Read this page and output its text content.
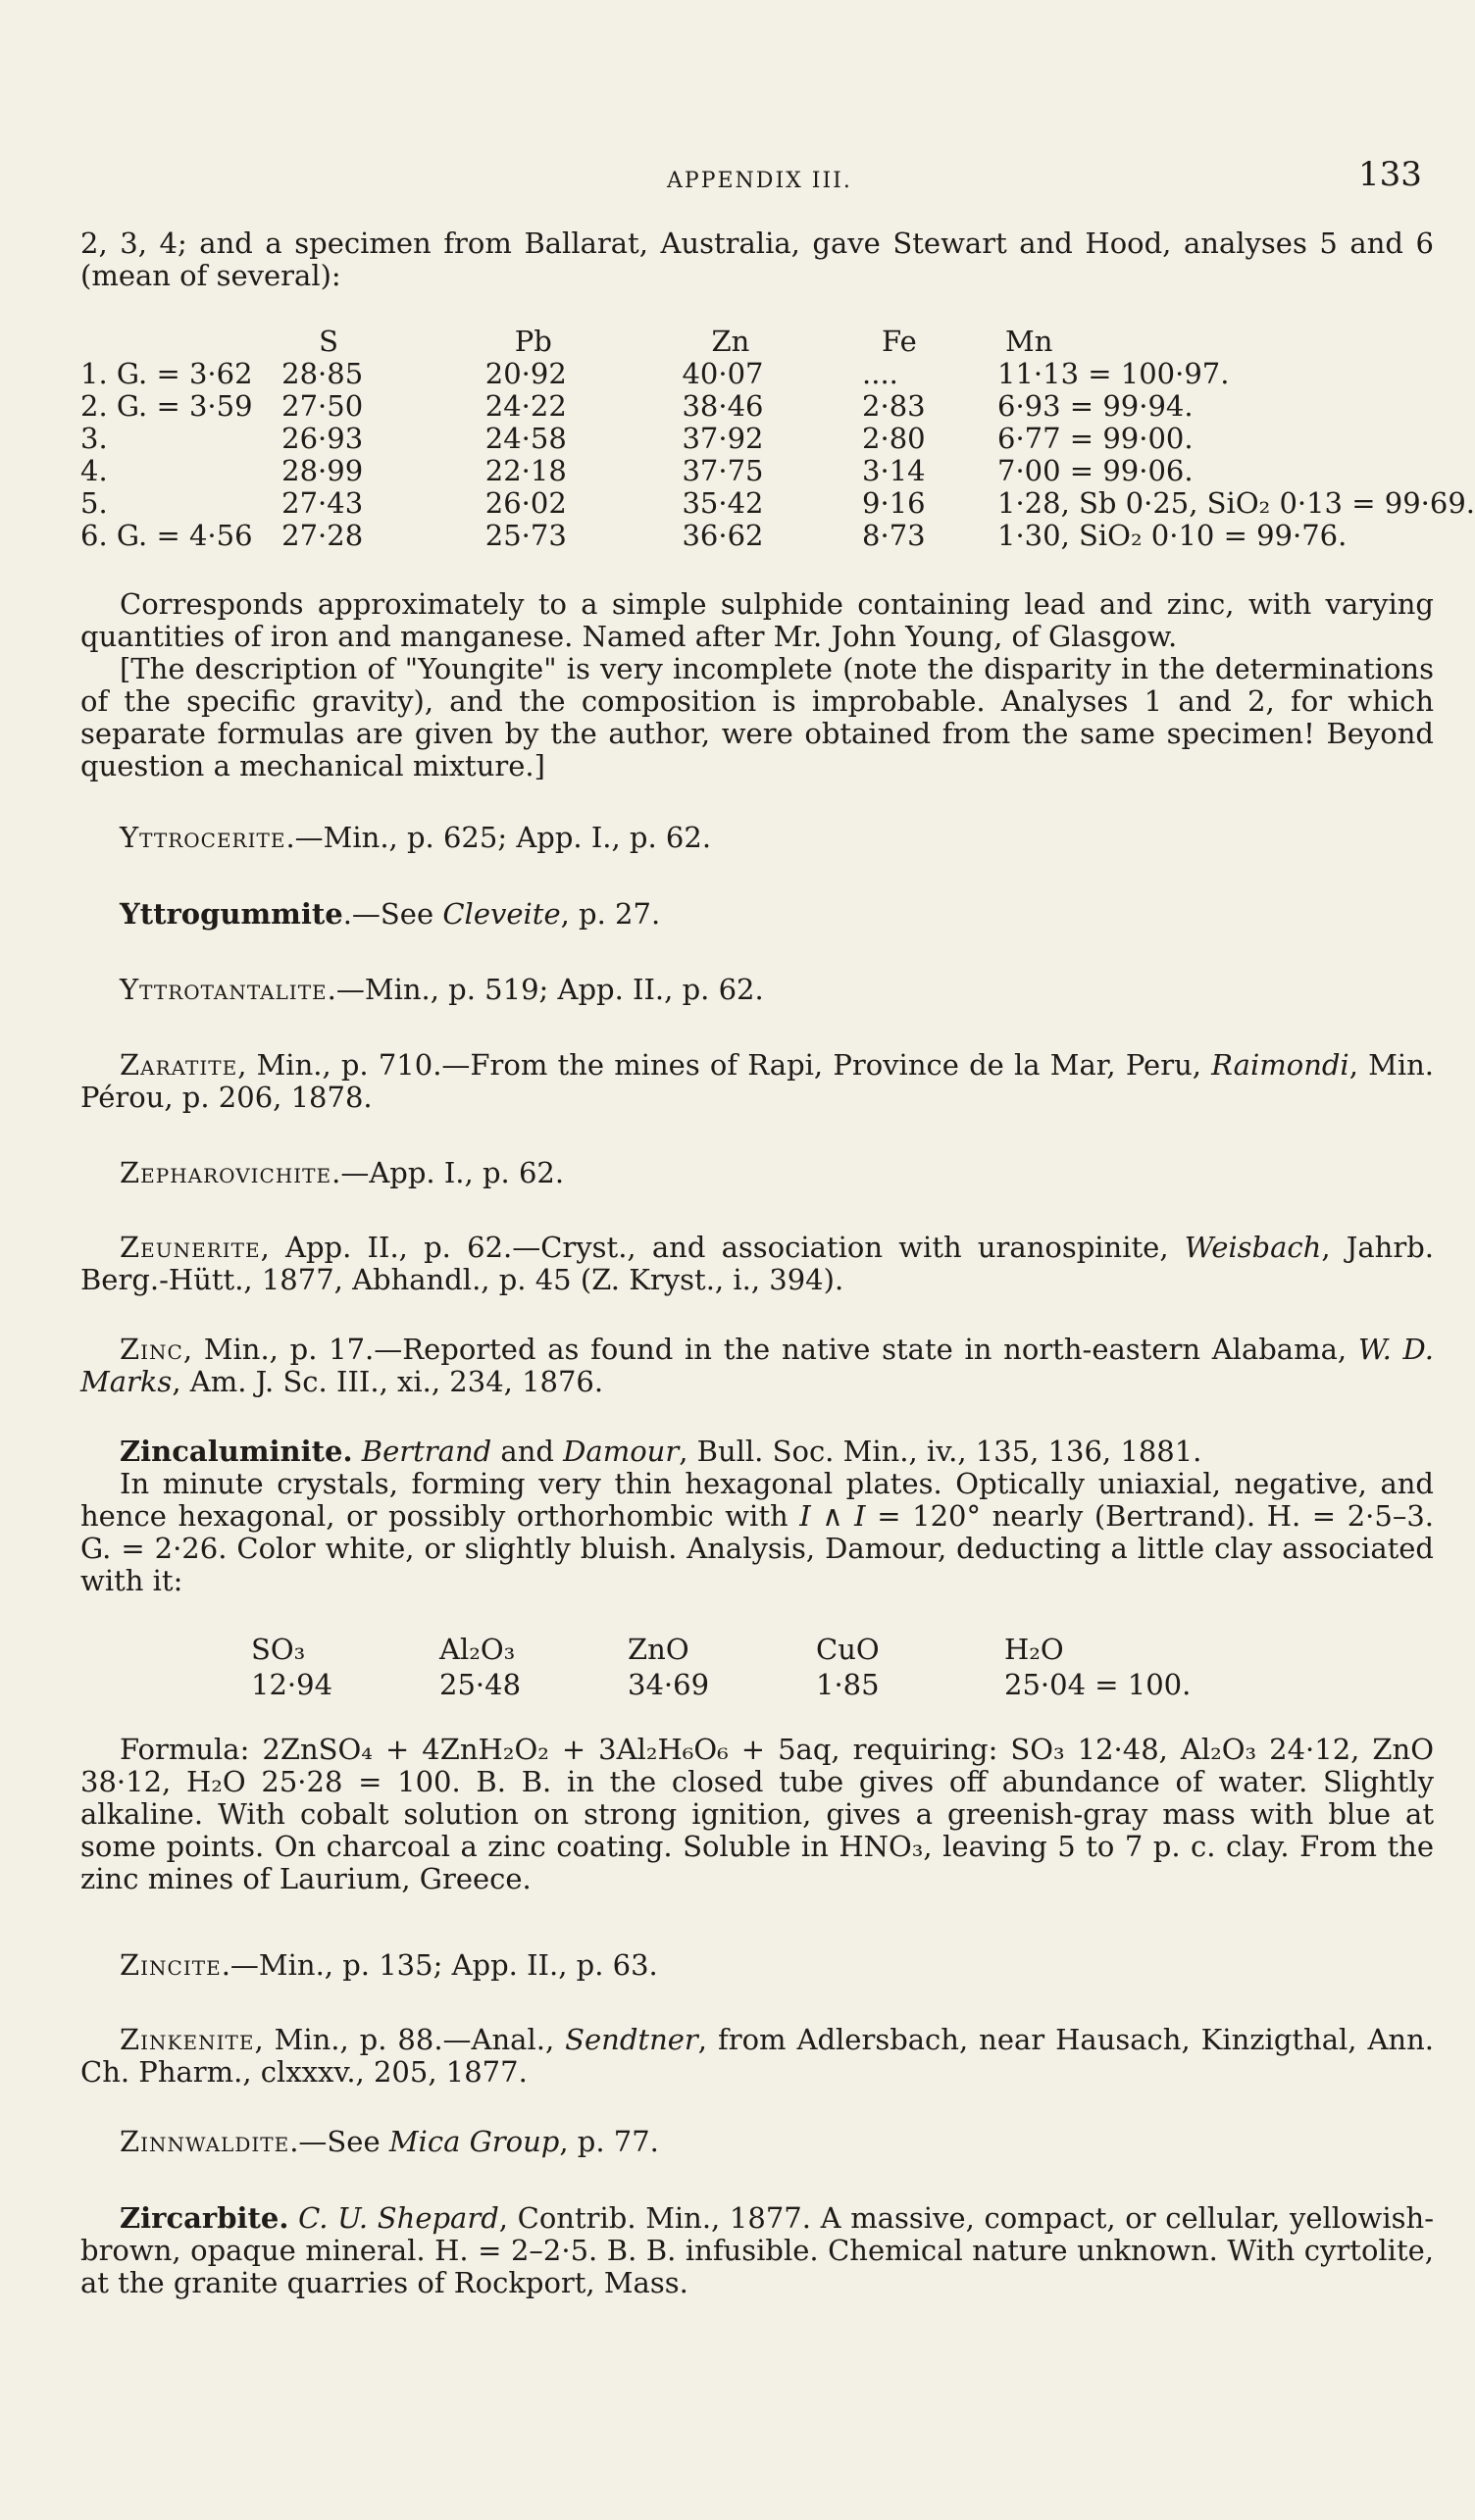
APPENDIX III.	133

2, 3, 4; and a specimen from Ballarat, Australia, gave Stewart and Hood, analyses 5 and 6 (mean of several):

	S	Pb	Zn	Fe	Mn
1. G. = 3·62	28·85	20·92	40·07	....	11·13 = 100·97.
2. G. = 3·59	27·50	24·22	38·46	2·83	6·93 = 99·94.
3.	26·93	24·58	37·92	2·80	6·77 = 99·00.
4.	28·99	22·18	37·75	3·14	7·00 = 99·06.
5.	27·43	26·02	35·42	9·16	1·28, Sb 0·25, SiO₂ 0·13 = 99·69.
6. G. = 4·56	27·28	25·73	36·62	8·73	1·30, SiO₂ 0·10 = 99·76.

Corresponds approximately to a simple sulphide containing lead and zinc, with varying quantities of iron and manganese. Named after Mr. John Young, of Glasgow.

[The description of "Youngite" is very incomplete (note the disparity in the determinations of the specific gravity), and the composition is improbable. Analyses 1 and 2, for which separate formulas are given by the author, were obtained from the same specimen! Beyond question a mechanical mixture.]

Yttrocerite.—Min., p. 625; App. I., p. 62.

Yttrogummite.—See Cleveite, p. 27.

Yttrotantalite.—Min., p. 519; App. II., p. 62.

Zaratite, Min., p. 710.—From the mines of Rapi, Province de la Mar, Peru, Raimondi, Min. Pérou, p. 206, 1878.

Zepharovichite.—App. I., p. 62.

Zeunerite, App. II., p. 62.—Cryst., and association with uranospinite, Weisbach, Jahrb. Berg.-Hütt., 1877, Abhandl., p. 45 (Z. Kryst., i., 394).

Zinc, Min., p. 17.—Reported as found in the native state in north-eastern Alabama, W. D. Marks, Am. J. Sc. III., xi., 234, 1876.

Zincaluminite. Bertrand and Damour, Bull. Soc. Min., iv., 135, 136, 1881.

In minute crystals, forming very thin hexagonal plates. Optically uniaxial, negative, and hence hexagonal, or possibly orthorhombic with I ∧ I = 120° nearly (Bertrand). H. = 2·5–3. G. = 2·26. Color white, or slightly bluish. Analysis, Damour, deducting a little clay associated with it:

SO₃	Al₂O₃	ZnO	CuO	H₂O
12·94	25·48	34·69	1·85	25·04 = 100.

Formula: 2ZnSO₄ + 4ZnH₂O₂ + 3Al₂H₆O₆ + 5aq, requiring: SO₃ 12·48, Al₂O₃ 24·12, ZnO 38·12, H₂O 25·28 = 100. B. B. in the closed tube gives off abundance of water. Slightly alkaline. With cobalt solution on strong ignition, gives a greenish-gray mass with blue at some points. On charcoal a zinc coating. Soluble in HNO₃, leaving 5 to 7 p. c. clay. From the zinc mines of Laurium, Greece.

Zincite.—Min., p. 135; App. II., p. 63.

Zinkenite, Min., p. 88.—Anal., Sendtner, from Adlersbach, near Hausach, Kinzigthal, Ann. Ch. Pharm., clxxxv., 205, 1877.

Zinnwaldite.—See Mica Group, p. 77.

Zircarbite. C. U. Shepard, Contrib. Min., 1877. A massive, compact, or cellular, yellowish-brown, opaque mineral. H. = 2–2·5. B. B. infusible. Chemical nature unknown. With cyrtolite, at the granite quarries of Rockport, Mass.
